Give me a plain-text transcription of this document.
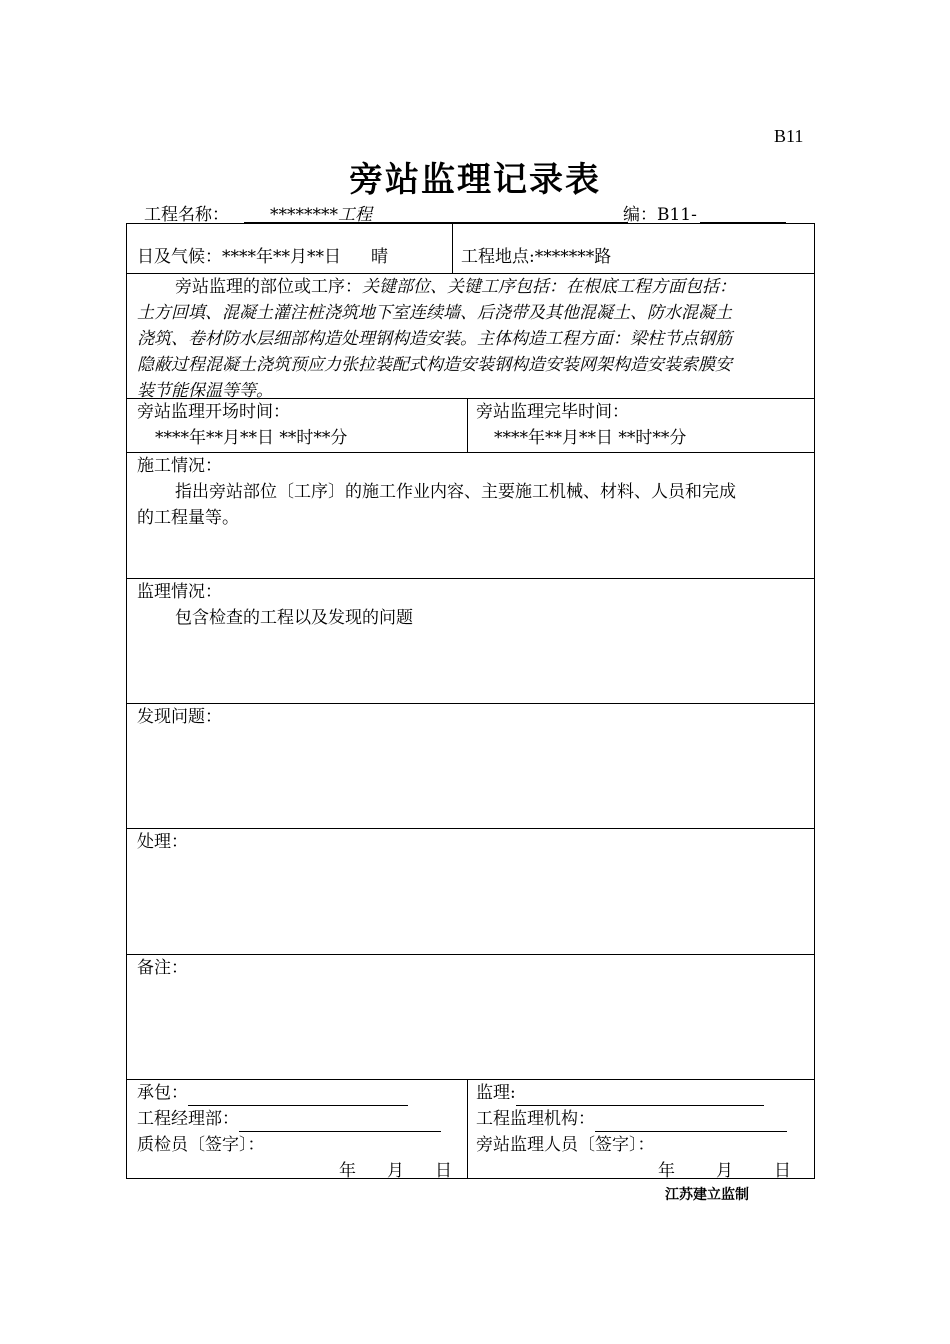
B11
旁站监理记录表
工程名称： ********工程	编：B11-
日及气候：****年**月**日 晴	工程地点:*******路
旁站监理的部位或工序：关键部位、关键工序包括：在根底工程方面包括：
土方回填、混凝土灌注桩浇筑地下室连续墙、后浇带及其他混凝土、防水混凝土
浇筑、卷材防水层细部构造处理钢构造安装。主体构造工程方面：梁柱节点钢筋
隐蔽过程混凝土浇筑预应力张拉装配式构造安装钢构造安装网架构造安装索膜安
装节能保温等等。
旁站监理开场时间：
****年**月**日 **时**分
旁站监理完毕时间：
****年**月**日 **时**分
施工情况：
指出旁站部位〔工序〕的施工作业内容、主要施工机械、材料、人员和完成
的工程量等。
监理情况：
包含检查的工程以及发现的问题
发现问题：
处理：
备注：
承包：
工程经理部：
质检员〔签字〕：
年 月 日
监理:
工程监理机构：
旁站监理人员〔签字〕：
年 月 日
江苏建立监制
